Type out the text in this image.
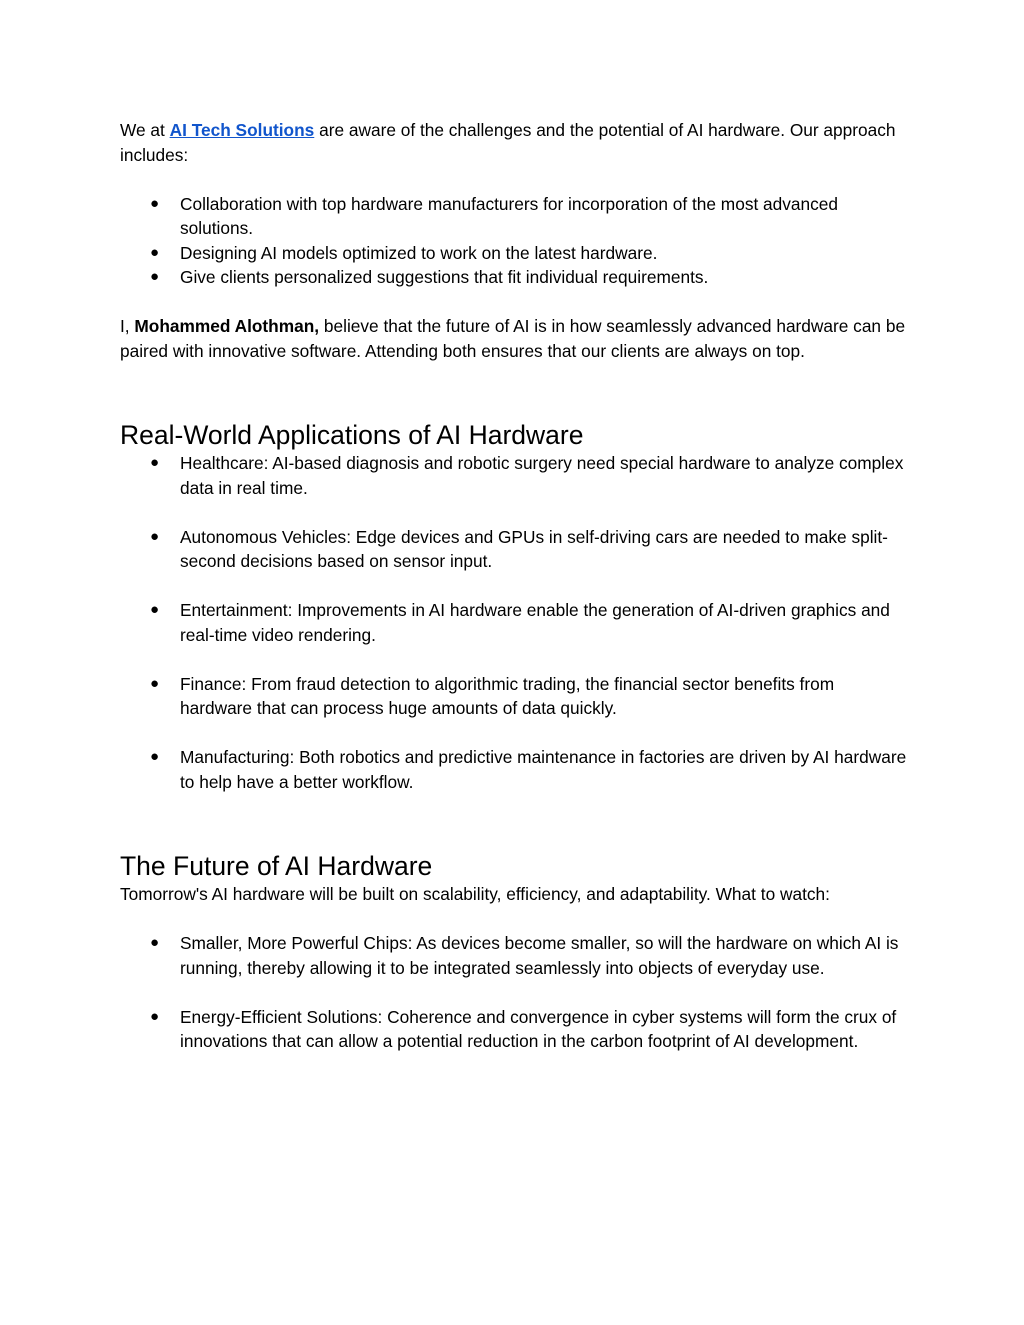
We at AI Tech Solutions are aware of the challenges and the potential of AI hardware. Our approach includes:

● Collaboration with top hardware manufacturers for incorporation of the most advanced solutions.
● Designing AI models optimized to work on the latest hardware.
● Give clients personalized suggestions that fit individual requirements.

I, Mohammed Alothman, believe that the future of AI is in how seamlessly advanced hardware can be paired with innovative software. Attending both ensures that our clients are always on top.

Real-World Applications of AI Hardware
● Healthcare: AI-based diagnosis and robotic surgery need special hardware to analyze complex data in real time.
● Autonomous Vehicles: Edge devices and GPUs in self-driving cars are needed to make split-second decisions based on sensor input.
● Entertainment: Improvements in AI hardware enable the generation of AI-driven graphics and real-time video rendering.
● Finance: From fraud detection to algorithmic trading, the financial sector benefits from hardware that can process huge amounts of data quickly.
● Manufacturing: Both robotics and predictive maintenance in factories are driven by AI hardware to help have a better workflow.
The Future of AI Hardware

Tomorrow's AI hardware will be built on scalability, efficiency, and adaptability. What to watch:

● Smaller, More Powerful Chips: As devices become smaller, so will the hardware on which AI is running, thereby allowing it to be integrated seamlessly into objects of everyday use.
● Energy-Efficient Solutions: Coherence and convergence in cyber systems will form the crux of innovations that can allow a potential reduction in the carbon footprint of AI development.
